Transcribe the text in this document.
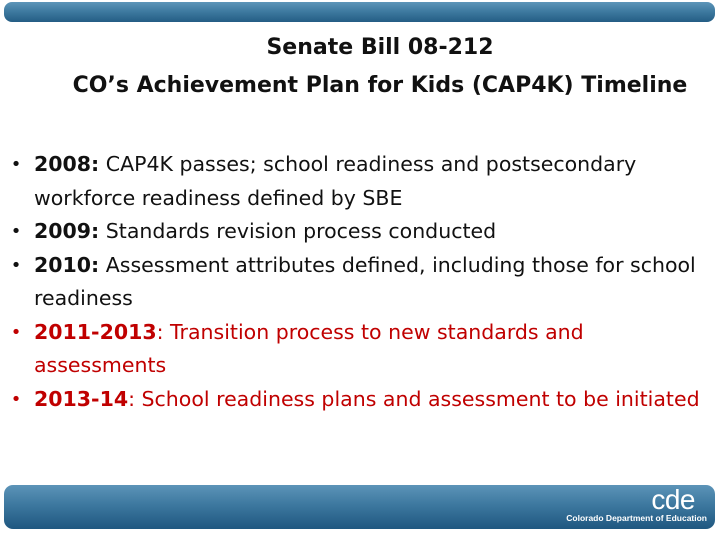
Senate Bill 08-212
CO’s Achievement Plan for Kids (CAP4K) Timeline
• 2008: CAP4K passes; school readiness and postsecondary workforce readiness defined by SBE
• 2009: Standards revision process conducted
• 2010: Assessment attributes defined, including those for school readiness
• 2011-2013: Transition process to new standards and assessments
• 2013-14: School readiness plans and assessment to be initiated
cde
Colorado Department of Education
